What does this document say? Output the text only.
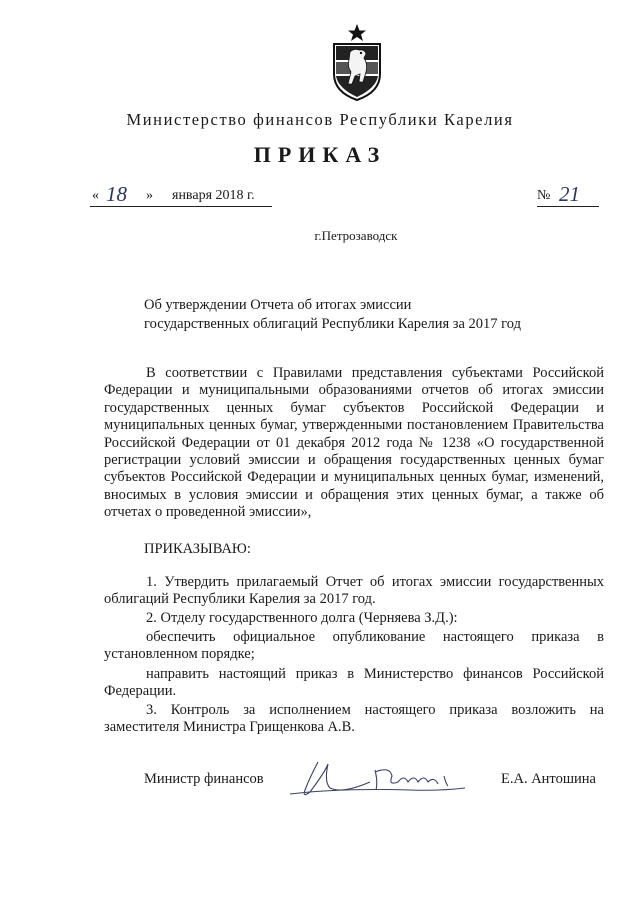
Министерство финансов Республики Карелия
ПРИКАЗ
« 18 » января 2018 г.	№ 21
г.Петрозаводск
Об утверждении Отчета об итогах эмиссии
государственных облигаций Республики Карелия за 2017 год
В соответствии с Правилами представления субъектами Российской Федерации и муниципальными образованиями отчетов об итогах эмиссии государственных ценных бумаг субъектов Российской Федерации и муниципальных ценных бумаг, утвержденными постановлением Правительства Российской Федерации от 01 декабря 2012 года № 1238 «О государственной регистрации условий эмиссии и обращения государственных ценных бумаг субъектов Российской Федерации и муниципальных ценных бумаг, изменений, вносимых в условия эмиссии и обращения этих ценных бумаг, а также об отчетах о проведенной эмиссии»,
ПРИКАЗЫВАЮ:
1. Утвердить прилагаемый Отчет об итогах эмиссии государственных облигаций Республики Карелия за 2017 год.
2. Отделу государственного долга (Черняева З.Д.):
обеспечить официальное опубликование настоящего приказа в установленном порядке;
направить настоящий приказ в Министерство финансов Российской Федерации.
3. Контроль за исполнением настоящего приказа возложить на заместителя Министра Грищенкова А.В.
Министр финансов	Е.А. Антошина
